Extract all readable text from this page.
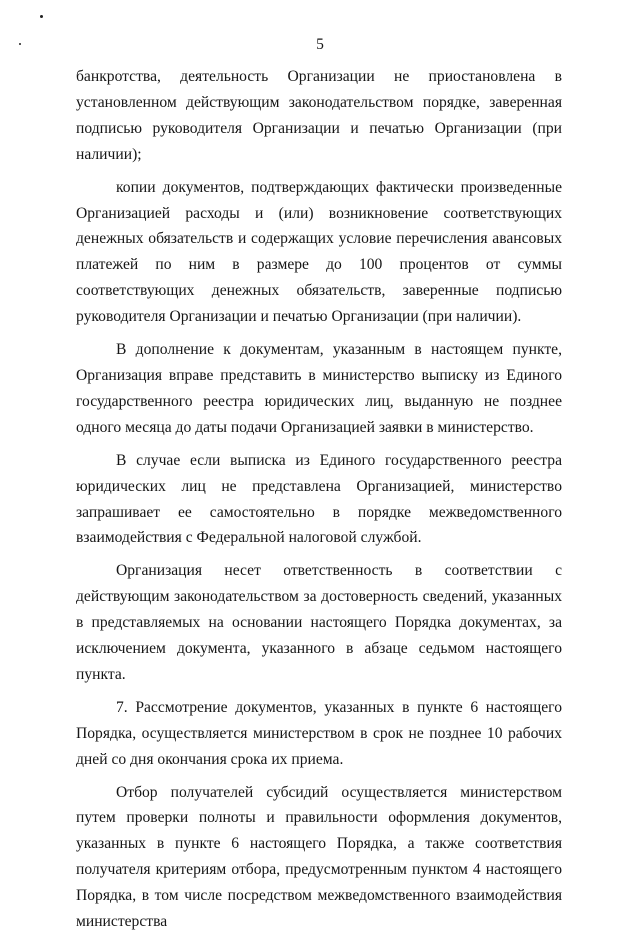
5

банкротства, деятельность Организации не приостановлена в установленном действующим законодательством порядке, заверенная подписью руководителя Организации и печатью Организации (при наличии);

копии документов, подтверждающих фактически произведенные Организацией расходы и (или) возникновение соответствующих денежных обязательств и содержащих условие перечисления авансовых платежей по ним в размере до 100 процентов от суммы соответствующих денежных обязательств, заверенные подписью руководителя Организации и печатью Организации (при наличии).

В дополнение к документам, указанным в настоящем пункте, Организация вправе представить в министерство выписку из Единого государственного реестра юридических лиц, выданную не позднее одного месяца до даты подачи Организацией заявки в министерство.

В случае если выписка из Единого государственного реестра юридических лиц не представлена Организацией, министерство запрашивает ее самостоятельно в порядке межведомственного взаимодействия с Федеральной налоговой службой.

Организация несет ответственность в соответствии с действующим законодательством за достоверность сведений, указанных в представляемых на основании настоящего Порядка документах, за исключением документа, указанного в абзаце седьмом настоящего пункта.

7. Рассмотрение документов, указанных в пункте 6 настоящего Порядка, осуществляется министерством в срок не позднее 10 рабочих дней со дня окончания срока их приема.

Отбор получателей субсидий осуществляется министерством путем проверки полноты и правильности оформления документов, указанных в пункте 6 настоящего Порядка, а также соответствия получателя критериям отбора, предусмотренным пунктом 4 настоящего Порядка, в том числе посредством межведомственного взаимодействия министерства
